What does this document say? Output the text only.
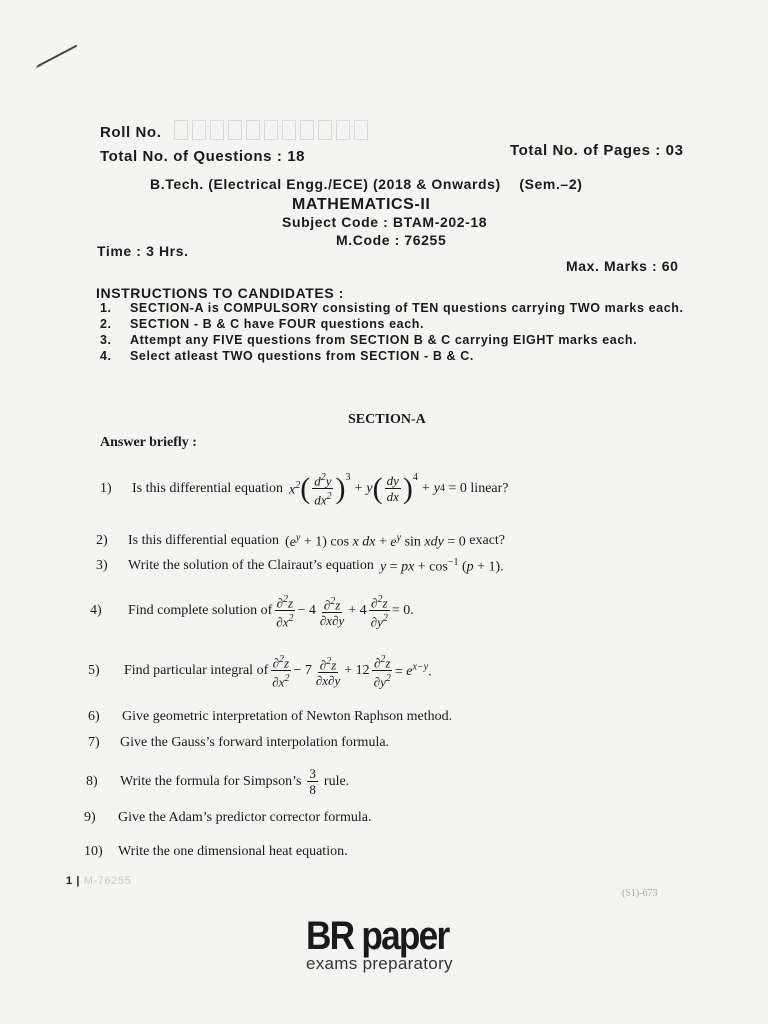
Roll No.
Total No. of Questions : 18	Total No. of Pages : 03
B.Tech. (Electrical Engg./ECE) (2018 & Onwards) (Sem.–2)
MATHEMATICS-II
Subject Code : BTAM-202-18
M.Code : 76255
Time : 3 Hrs.
Max. Marks : 60
INSTRUCTIONS TO CANDIDATES :
1.	SECTION-A is COMPULSORY consisting of TEN questions carrying TWO marks each.
2.	SECTION - B & C have FOUR questions each.
3.	Attempt any FIVE questions from SECTION B & C carrying EIGHT marks each.
4.	Select atleast TWO questions from SECTION - B & C.
SECTION-A
Answer briefly :
1)	Is this differential equation $x^2$ ( $\frac{d^2y}{dx^2} )^3$
+ y ( $\frac{dy}{dx} )^4$
+ y 4 = 0 linear?
2)	Is this differential equation $(e^y + 1)$ cos x dx + $e^y$ sin xdy = 0 exact?
3)	Write the solution of the Clairaut’s equation y = px + $\cos^{-1} (p + 1)$.
4)	Find complete solution of $\frac{\partial^2z}{\partial x^2} - 4 \frac{\partial^2z}{\partial x\partial y} + 4 \frac{\partial^2z}{\partial y^2} = 0$.
5)	Find particular integral of $\frac{\partial^2z}{\partial x^2} - 7 \frac{\partial^2z}{\partial x\partial y} + 12 \frac{\partial^2z}{\partial y^2} = e^{x-y}$.
6)	Give geometric interpretation of Newton Raphson method.
7)	Give the Gauss’s forward interpolation formula.
8)	Write the formula for Simpson’s $\frac{3}{8}$ rule.
9)	Give the Adam’s predictor corrector formula.
10)	Write the one dimensional heat equation.
1 | M-76255
(S1)-673
BR paper
exams preparatory
